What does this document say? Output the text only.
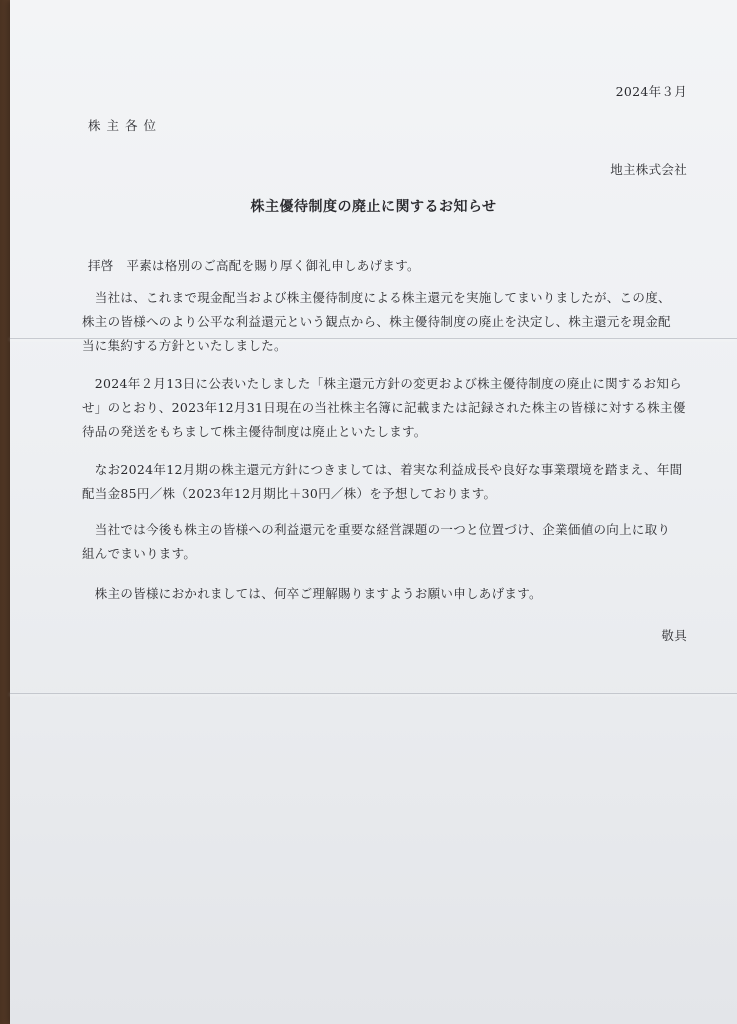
2024年３月
株主各位
地主株式会社
株主優待制度の廃止に関するお知らせ
拝啓　平素は格別のご高配を賜り厚く御礼申しあげます。
　当社は、これまで現金配当および株主優待制度による株主還元を実施してまいりましたが、この度、
株主の皆様へのより公平な利益還元という観点から、株主優待制度の廃止を決定し、株主還元を現金配
当に集約する方針といたしました。
　2024年２月13日に公表いたしました「株主還元方針の変更および株主優待制度の廃止に関するお知ら
せ」のとおり、2023年12月31日現在の当社株主名簿に記載または記録された株主の皆様に対する株主優
待品の発送をもちまして株主優待制度は廃止といたします。
　なお2024年12月期の株主還元方針につきましては、着実な利益成長や良好な事業環境を踏まえ、年間
配当金85円／株（2023年12月期比＋30円／株）を予想しております。
　当社では今後も株主の皆様への利益還元を重要な経営課題の一つと位置づけ、企業価値の向上に取り
組んでまいります。
　株主の皆様におかれましては、何卒ご理解賜りますようお願い申しあげます。
敬具
